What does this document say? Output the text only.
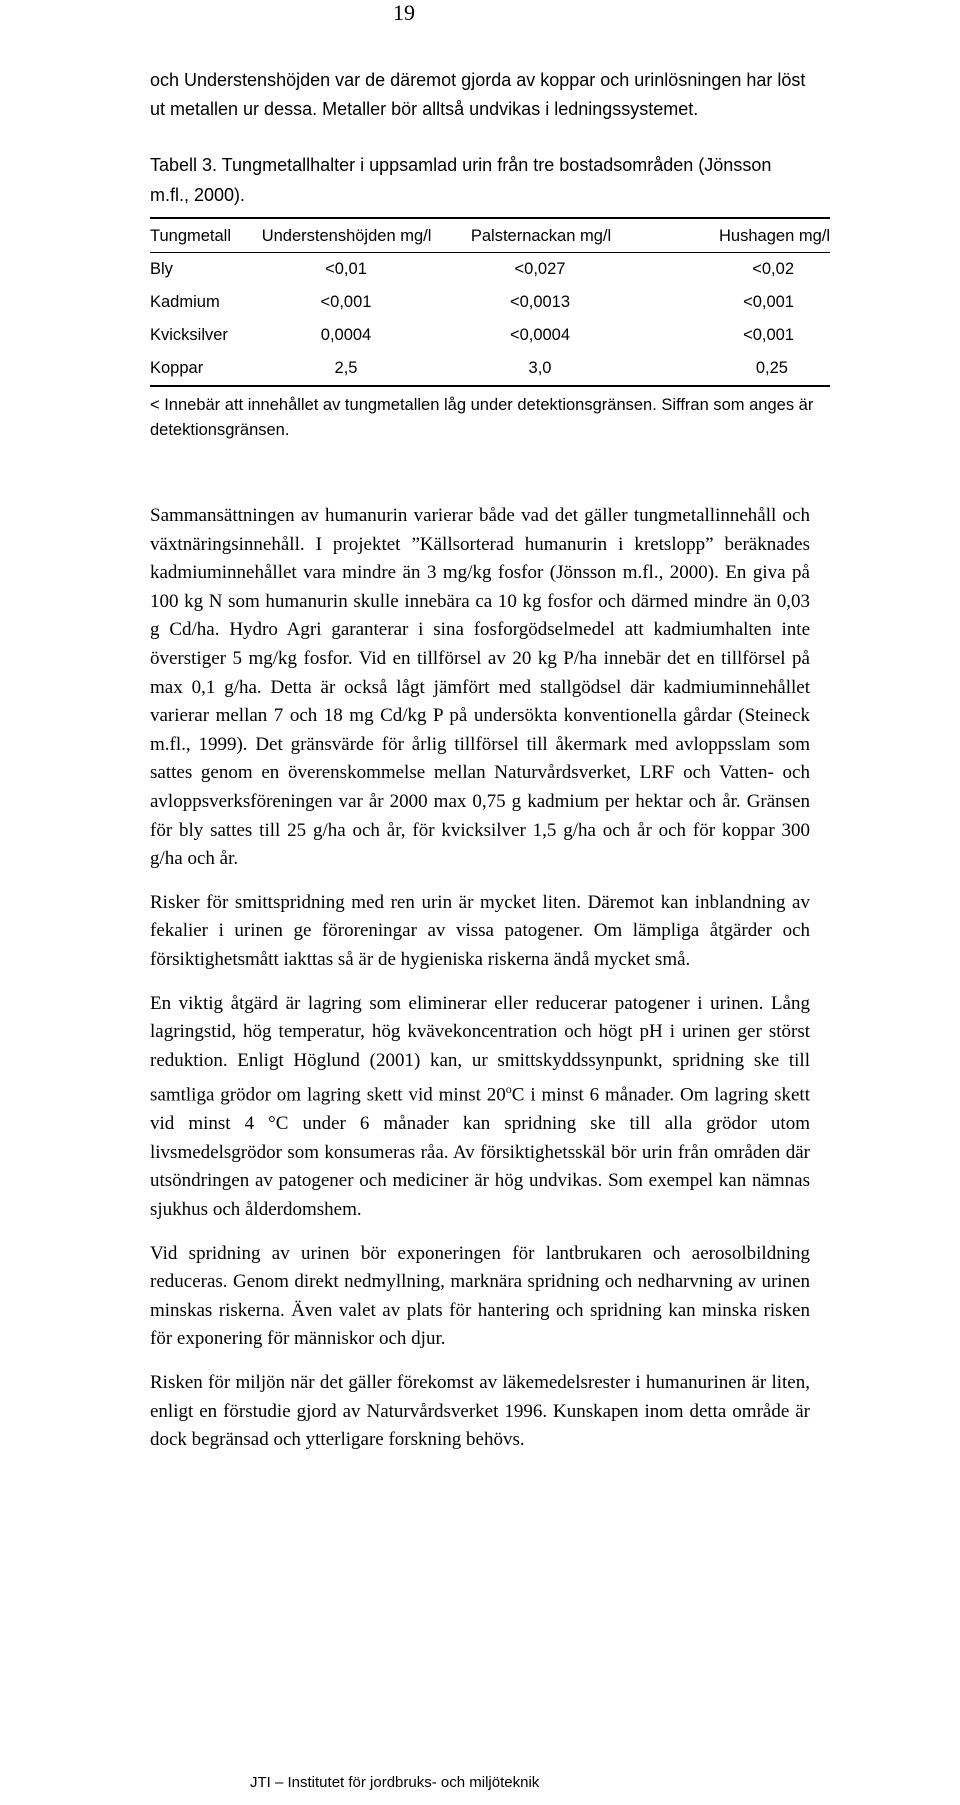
19
och Understenshöjden var de däremot gjorda av koppar och urinlösningen har löst ut metallen ur dessa. Metaller bör alltså undvikas i ledningssystemet.
Tabell 3. Tungmetallhalter i uppsamlad urin från tre bostadsområden (Jönsson m.fl., 2000).
Tungmetall	Understenshöjden mg/l	Palsternackan mg/l	Hushagen mg/l
Bly	<0,01	<0,027	<0,02
Kadmium	<0,001	<0,0013	<0,001
Kvicksilver	0,0004	<0,0004	<0,001
Koppar	2,5	3,0	0,25
< Innebär att innehållet av tungmetallen låg under detektionsgränsen. Siffran som anges är detektionsgränsen.

Sammansättningen av humanurin varierar både vad det gäller tungmetallinnehåll och växtnäringsinnehåll. I projektet ”Källsorterad humanurin i kretslopp” beräknades kadmiuminnehållet vara mindre än 3 mg/kg fosfor (Jönsson m.fl., 2000). En giva på 100 kg N som humanurin skulle innebära ca 10 kg fosfor och därmed mindre än 0,03 g Cd/ha. Hydro Agri garanterar i sina fosforgödselmedel att kadmiumhalten inte överstiger 5 mg/kg fosfor. Vid en tillförsel av 20 kg P/ha innebär det en tillförsel på max 0,1 g/ha. Detta är också lågt jämfört med stallgödsel där kadmiuminnehållet varierar mellan 7 och 18 mg Cd/kg P på undersökta konventionella gårdar (Steineck m.fl., 1999). Det gränsvärde för årlig tillförsel till åkermark med avloppsslam som sattes genom en överenskommelse mellan Naturvårdsverket, LRF och Vatten- och avloppsverksföreningen var år 2000 max 0,75 g kadmium per hektar och år. Gränsen för bly sattes till 25 g/ha och år, för kvicksilver 1,5 g/ha och år och för koppar 300 g/ha och år.

Risker för smittspridning med ren urin är mycket liten. Däremot kan inblandning av fekalier i urinen ge föroreningar av vissa patogener. Om lämpliga åtgärder och försiktighetsmått iakttas så är de hygieniska riskerna ändå mycket små.

En viktig åtgärd är lagring som eliminerar eller reducerar patogener i urinen. Lång lagringstid, hög temperatur, hög kvävekoncentration och högt pH i urinen ger störst reduktion. Enligt Höglund (2001) kan, ur smittskyddssynpunkt, spridning ske till samtliga grödor om lagring skett vid minst 20$^o$C i minst 6 månader. Om lagring skett vid minst 4 °C under 6 månader kan spridning ske till alla grödor utom livsmedelsgrödor som konsumeras råa. Av försiktighetsskäl bör urin från områden där utsöndringen av patogener och mediciner är hög undvikas. Som exempel kan nämnas sjukhus och ålderdomshem.

Vid spridning av urinen bör exponeringen för lantbrukaren och aerosolbildning reduceras. Genom direkt nedmyllning, marknära spridning och nedharvning av urinen minskas riskerna. Även valet av plats för hantering och spridning kan minska risken för exponering för människor och djur.

Risken för miljön när det gäller förekomst av läkemedelsrester i humanurinen är liten, enligt en förstudie gjord av Naturvårdsverket 1996. Kunskapen inom detta område är dock begränsad och ytterligare forskning behövs.

JTI – Institutet för jordbruks- och miljöteknik
